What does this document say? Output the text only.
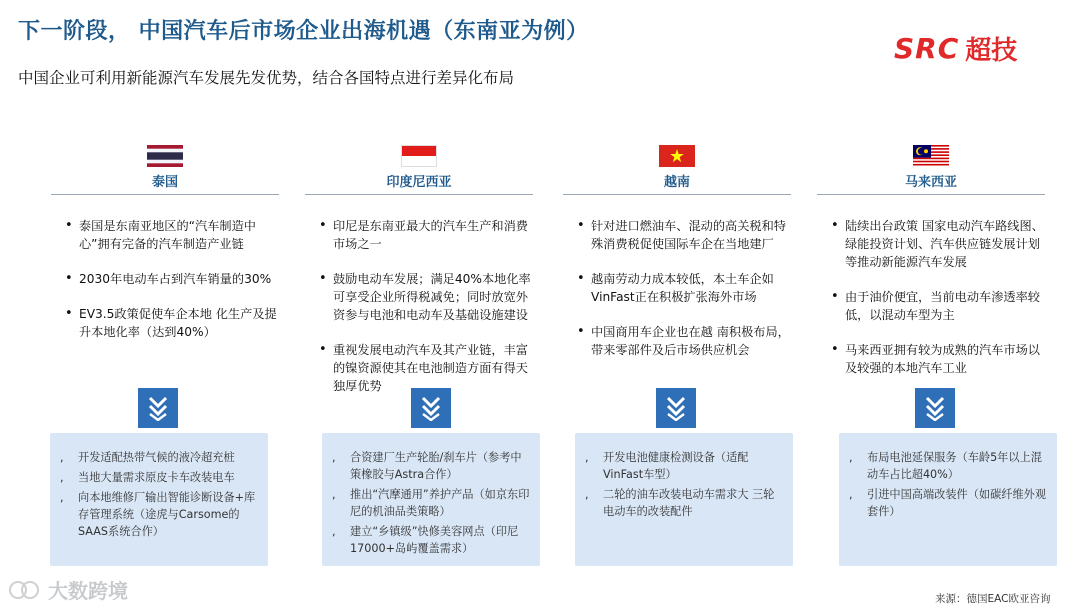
下一阶段， 中国汽车后市场企业出海机遇（东南亚为例）
中国企业可利用新能源汽车发展先发优势，结合各国特点进行差异化布局
SRC 超技
泰国
• 泰国是东南亚地区的“汽车制造中心”拥有完备的汽车制造产业链
• 2030年电动车占到汽车销量的30%
• EV3.5政策促使车企本地 化生产及提升本地化率（达到40%）
, 开发适配热带气候的液冷超充桩
, 当地大量需求原皮卡车改装电车
, 向本地维修厂输出智能诊断设备+库存管理系统（途虎与Carsome的SAAS系统合作）
印度尼西亚
• 印尼是东南亚最大的汽车生产和消费 市场之一
• 鼓励电动车发展；满足40%本地化率可享受企业所得税减免；同时放宽外资参与电池和电动车及基础设施建设
• 重视发展电动汽车及其产业链，丰富的镍资源使其在电池制造方面有得天独厚优势
, 合资建厂生产轮胎/刹车片（参考中策橡胶与Astra合作）
, 推出“汽摩通用”养护产品（如京东印尼的机油品类策略）
, 建立“乡镇级”快修美容网点（印尼17000+岛屿覆盖需求）
越南
• 针对进口燃油车、混动的高关税和特殊消费税促使国际车企在当地建厂
• 越南劳动力成本较低，本土车企如VinFast正在积极扩张海外市场
• 中国商用车企业也在越 南积极布局，带来零部件及后市场供应机会
, 开发电池健康检测设备（适配VinFast车型）
, 二轮的油车改装电动车需求大 三轮电动车的改装配件
马来西亚
• 陆续出台政策 国家电动汽车路线图、 绿能投资计划、汽车供应链发展计划 等推动新能源汽车发展
• 由于油价便宜，当前电动车渗透率较低，以混动车型为主
• 马来西亚拥有较为成熟的汽车市场以 及较强的本地汽车工业
, 布局电池延保服务（车龄5年以上混动车占比超40%）
, 引进中国高端改装件（如碳纤维外观套件）
大数跨境	来源：德国EAC欧亚咨询
